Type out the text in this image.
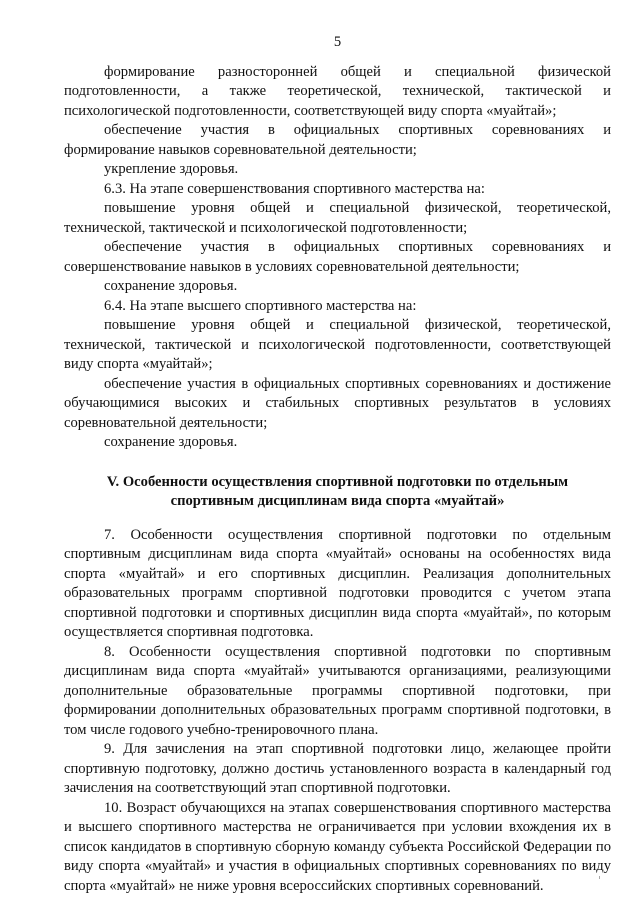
5

формирование разносторонней общей и специальной физической подготовленности, а также теоретической, технической, тактической и психологической подготовленности, соответствующей виду спорта «муайтай»;

обеспечение участия в официальных спортивных соревнованиях и формирование навыков соревновательной деятельности;

укрепление здоровья.

6.3. На этапе совершенствования спортивного мастерства на:

повышение уровня общей и специальной физической, теоретической, технической, тактической и психологической подготовленности;

обеспечение участия в официальных спортивных соревнованиях и совершенствование навыков в условиях соревновательной деятельности;

сохранение здоровья.

6.4. На этапе высшего спортивного мастерства на:

повышение уровня общей и специальной физической, теоретической, технической, тактической и психологической подготовленности, соответствующей виду спорта «муайтай»;

обеспечение участия в официальных спортивных соревнованиях и достижение обучающимися высоких и стабильных спортивных результатов в условиях соревновательной деятельности;

сохранение здоровья.

V. Особенности осуществления спортивной подготовки по отдельным
спортивным дисциплинам вида спорта «муайтай»

7. Особенности осуществления спортивной подготовки по отдельным спортивным дисциплинам вида спорта «муайтай» основаны на особенностях вида спорта «муайтай» и его спортивных дисциплин. Реализация дополнительных образовательных программ спортивной подготовки проводится с учетом этапа спортивной подготовки и спортивных дисциплин вида спорта «муайтай», по которым осуществляется спортивная подготовка.

8. Особенности осуществления спортивной подготовки по спортивным дисциплинам вида спорта «муайтай» учитываются организациями, реализующими дополнительные образовательные программы спортивной подготовки, при формировании дополнительных образовательных программ спортивной подготовки, в том числе годового учебно-тренировочного плана.

9. Для зачисления на этап спортивной подготовки лицо, желающее пройти спортивную подготовку, должно достичь установленного возраста в календарный год зачисления на соответствующий этап спортивной подготовки.

10. Возраст обучающихся на этапах совершенствования спортивного мастерства и высшего спортивного мастерства не ограничивается при условии вхождения их в список кандидатов в спортивную сборную команду субъекта Российской Федерации по виду спорта «муайтай» и участия в официальных спортивных соревнованиях по виду спорта «муайтай» не ниже уровня всероссийских спортивных соревнований.
